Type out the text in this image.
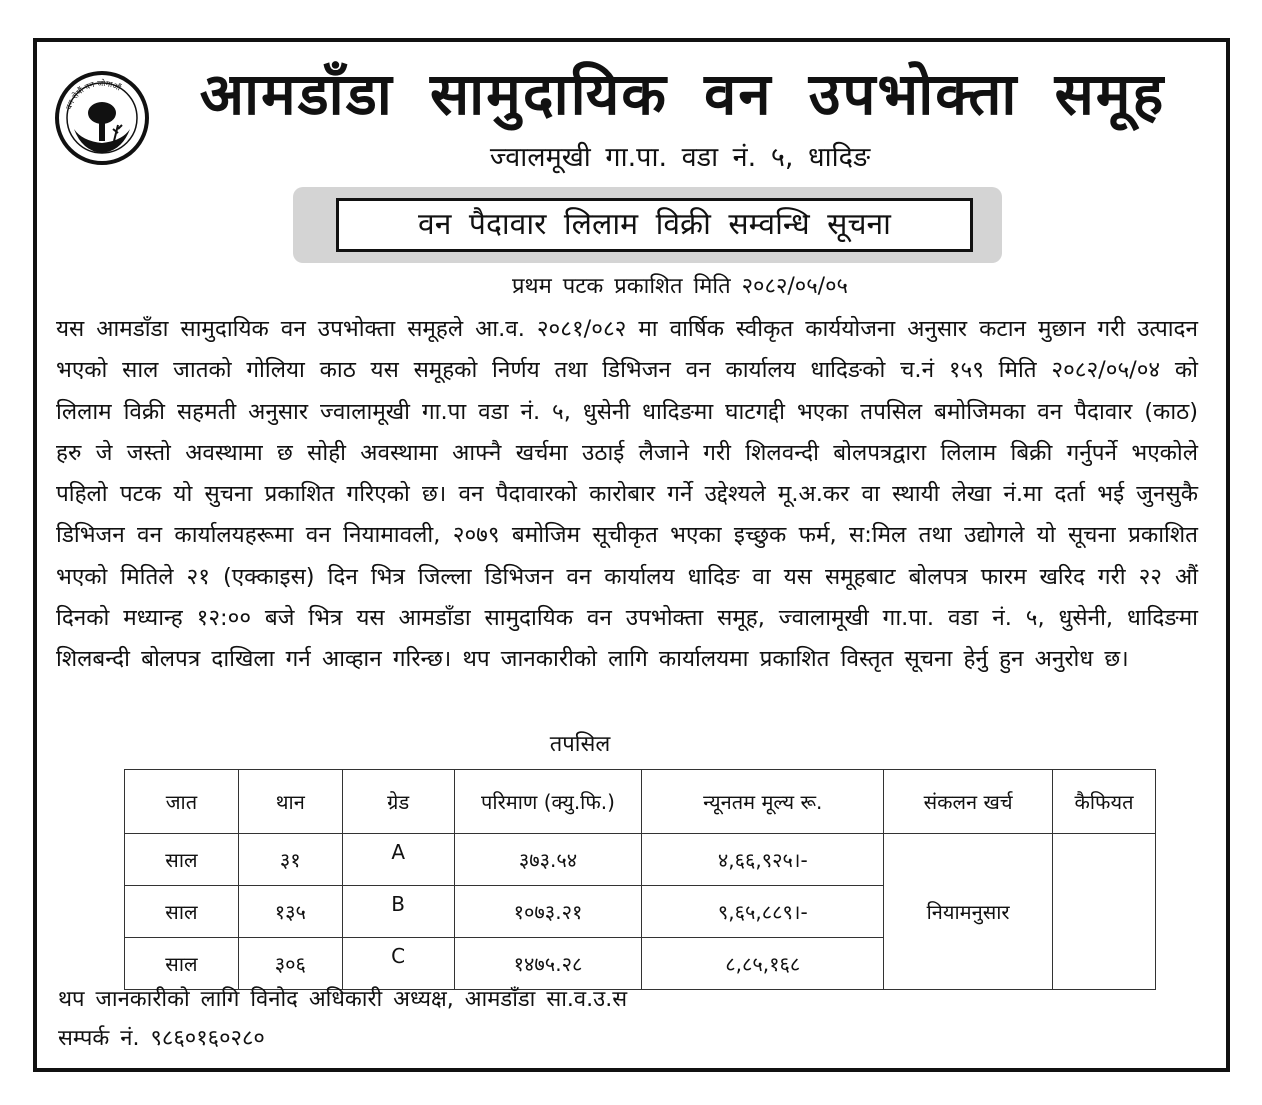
वन रोपौं वन जोगाऔं	आमडाँडा सामुदायिक वन उपभोक्ता समूह
ज्वालमूखी गा.पा. वडा नं. ५, धादिङ
वन पैदावार लिलाम विक्री सम्वन्धि सूचना
प्रथम पटक प्रकाशित मिति २०८२/०५/०५
यस आमडाँडा सामुदायिक वन उपभोक्ता समूहले आ.व. २०८१/०८२ मा वार्षिक स्वीकृत कार्ययोजना अनुसार कटान मुछान गरी उत्पादन भएको साल जातको गोलिया काठ यस समूहको निर्णय तथा डिभिजन वन कार्यालय धादिङको च.नं १५९ मिति २०८२/०५/०४ को लिलाम विक्री सहमती अनुसार ज्वालामूखी गा.पा वडा नं. ५, धुसेनी धादिङमा घाटगद्दी भएका तपसिल बमोजिमका वन पैदावार (काठ) हरु जे जस्तो अवस्थामा छ सोही अवस्थामा आफ्नै खर्चमा उठाई लैजाने गरी शिलवन्दी बोलपत्रद्वारा लिलाम बिक्री गर्नुपर्ने भएकोले पहिलो पटक यो सुचना प्रकाशित गरिएको छ। वन पैदावारको कारोबार गर्ने उद्देश्यले मू.अ.कर वा स्थायी लेखा नं.मा दर्ता भई जुनसुकै डिभिजन वन कार्यालयहरूमा वन नियामावली, २०७९ बमोजिम सूचीकृत भएका इच्छुक फर्म, स:मिल तथा उद्योगले यो सूचना प्रकाशित भएको मितिले २१ (एक्काइस) दिन भित्र जिल्ला डिभिजन वन कार्यालय धादिङ वा यस समूहबाट बोलपत्र फारम खरिद गरी २२ औं दिनको मध्यान्ह १२:०० बजे भित्र यस आमडाँडा सामुदायिक वन उपभोक्ता समूह, ज्वालामूखी गा.पा. वडा नं. ५, धुसेनी, धादिङमा शिलबन्दी बोलपत्र दाखिला गर्न आव्हान गरिन्छ। थप जानकारीको लागि कार्यालयमा प्रकाशित विस्तृत सूचना हेर्नु हुन अनुरोध छ।
तपसिल
जात	थान	ग्रेड	परिमाण (क्यु.फि.)	न्यूनतम मूल्य रू.	संकलन खर्च	कैफियत
साल	३१	A	३७३.५४	४,६६,९२५।-	नियामनुसार	
साल	१३५	B	१०७३.२१	९,६५,८८९।-		
साल	३०६	C	१४७५.२८	८,८५,१६८		
थप जानकारीको लागि विनोद अधिकारी अध्यक्ष, आमडाँडा सा.व.उ.स
सम्पर्क नं. ९८६०१६०२८०
